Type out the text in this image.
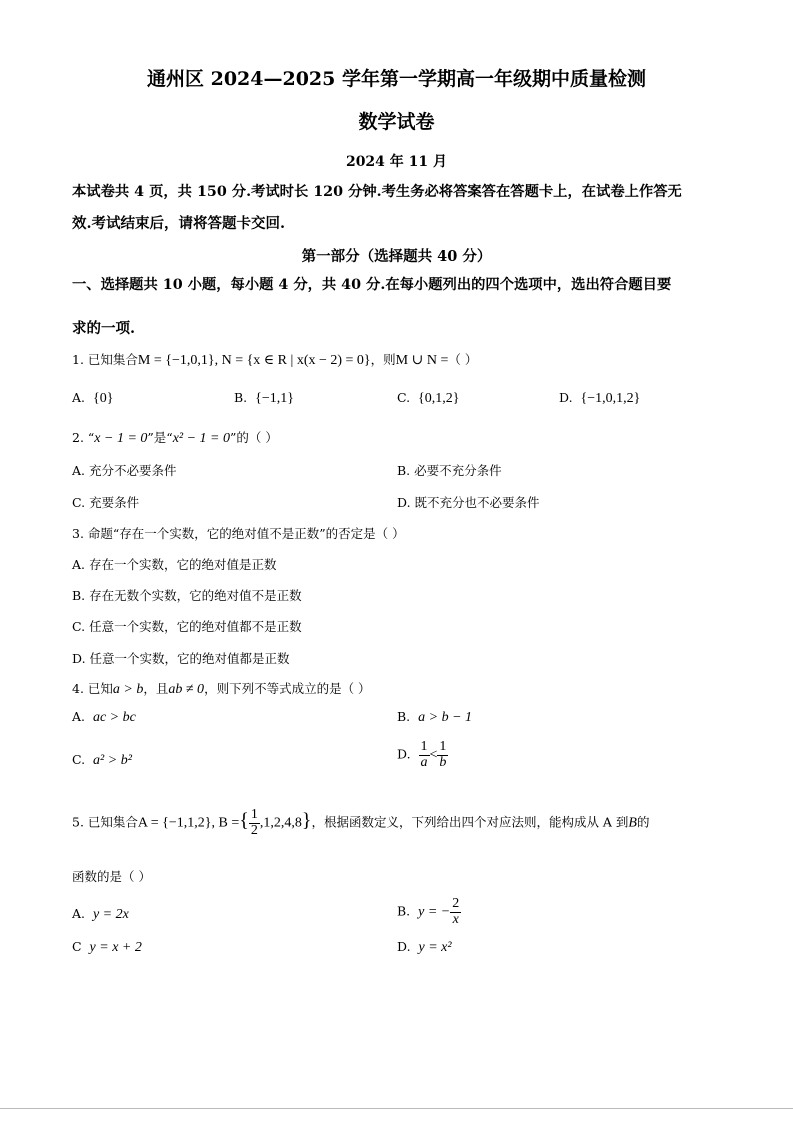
通州区 2024—2025 学年第一学期高一年级期中质量检测
数学试卷
2024 年 11 月
本试卷共 4 页，共 150 分.考试时长 120 分钟.考生务必将答案答在答题卡上，在试卷上作答无
效.考试结束后，请将答题卡交回.
第一部分（选择题共 40 分）
一、选择题共 10 小题，每小题 4 分，共 40 分.在每小题列出的四个选项中，选出符合题目要
求的一项.
1. 已知集合M = {−1,0,1}, N = {x ∈ R | x(x − 2) = 0}，则M ∪ N =（ ）
A. {0}	B. {−1,1}	C. {0,1,2}	D. {−1,0,1,2}
2. “x − 1 = 0”是“x² − 1 = 0”的（ ）
A. 充分不必要条件	B. 必要不充分条件
C. 充要条件	D. 既不充分也不必要条件
3. 命题“存在一个实数，它的绝对值不是正数”的否定是（ ）
A. 存在一个实数，它的绝对值是正数
B. 存在无数个实数，它的绝对值不是正数
C. 任意一个实数，它的绝对值都不是正数
D. 任意一个实数，它的绝对值都是正数
4. 已知a > b，且ab ≠ 0，则下列不等式成立的是（ ）
A. ac > bc	B. a > b − 1
C. a² > b²	D. $\frac{1}{a} < \frac{1}{b}$
5. 已知集合A = {−1,1,2}, B ={ $\frac{1}{2} ,1,2,4,8$}，根据函数定义，下列给出四个对应法则，能构成从 A 到B的
函数的是（ ）
A. y = 2x	B. y = − $\frac{2}{x}$
C y = x + 2	D. y = x²
